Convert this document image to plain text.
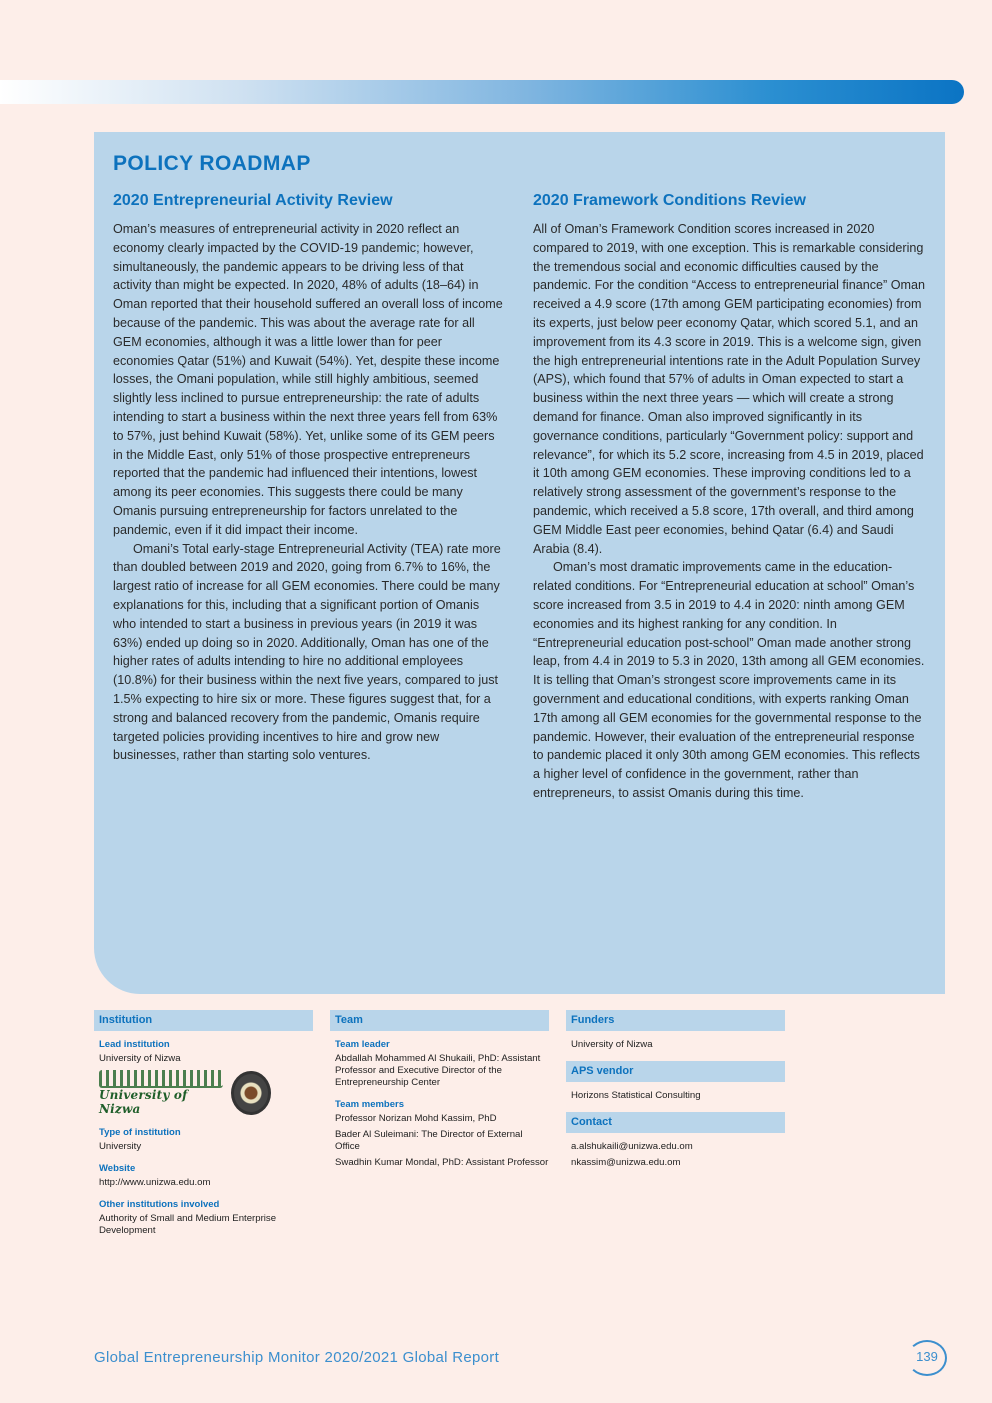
POLICY ROADMAP
2020 Entrepreneurial Activity Review

Oman’s measures of entrepreneurial activity in 2020 reflect an economy clearly impacted by the COVID-19 pandemic; however, simultaneously, the pandemic appears to be driving less of that activity than might be expected. In 2020, 48% of adults (18–64) in Oman reported that their household suffered an overall loss of income because of the pandemic. This was about the average rate for all GEM economies, although it was a little lower than for peer economies Qatar (51%) and Kuwait (54%). Yet, despite these income losses, the Omani population, while still highly ambitious, seemed slightly less inclined to pursue entrepreneurship: the rate of adults intending to start a business within the next three years fell from 63% to 57%, just behind Kuwait (58%). Yet, unlike some of its GEM peers in the Middle East, only 51% of those prospective entrepreneurs reported that the pandemic had influenced their intentions, lowest among its peer economies. This suggests there could be many Omanis pursuing entrepreneurship for factors unrelated to the pandemic, even if it did impact their income.

Omani’s Total early-stage Entrepreneurial Activity (TEA) rate more than doubled between 2019 and 2020, going from 6.7% to 16%, the largest ratio of increase for all GEM economies. There could be many explanations for this, including that a significant portion of Omanis who intended to start a business in previous years (in 2019 it was 63%) ended up doing so in 2020. Additionally, Oman has one of the higher rates of adults intending to hire no additional employees (10.8%) for their business within the next five years, compared to just 1.5% expecting to hire six or more. These figures suggest that, for a strong and balanced recovery from the pandemic, Omanis require targeted policies providing incentives to hire and grow new businesses, rather than starting solo ventures.

2020 Framework Conditions Review

All of Oman’s Framework Condition scores increased in 2020 compared to 2019, with one exception. This is remarkable considering the tremendous social and economic difficulties caused by the pandemic. For the condition “Access to entrepreneurial finance” Oman received a 4.9 score (17th among GEM participating economies) from its experts, just below peer economy Qatar, which scored 5.1, and an improvement from its 4.3 score in 2019. This is a welcome sign, given the high entrepreneurial intentions rate in the Adult Population Survey (APS), which found that 57% of adults in Oman expected to start a business within the next three years — which will create a strong demand for finance. Oman also improved significantly in its governance conditions, particularly “Government policy: support and relevance”, for which its 5.2 score, increasing from 4.5 in 2019, placed it 10th among GEM economies. These improving conditions led to a relatively strong assessment of the government’s response to the pandemic, which received a 5.8 score, 17th overall, and third among GEM Middle East peer economies, behind Qatar (6.4) and Saudi Arabia (8.4).

Oman’s most dramatic improvements came in the education-related conditions. For “Entrepreneurial education at school” Oman’s score increased from 3.5 in 2019 to 4.4 in 2020: ninth among GEM economies and its highest ranking for any condition. In “Entrepreneurial education post-school” Oman made another strong leap, from 4.4 in 2019 to 5.3 in 2020, 13th among all GEM economies. It is telling that Oman’s strongest score improvements came in its government and educational conditions, with experts ranking Oman 17th among all GEM economies for the governmental response to the pandemic. However, their evaluation of the entrepreneurial response to pandemic placed it only 30th among GEM economies. This reflects a higher level of confidence in the government, rather than entrepreneurs, to assist Omanis during this time.

Institution
Lead institution
University of Nizwa
University of Nizwa
Type of institution
University
Website
http://www.unizwa.edu.om
Other institutions involved
Authority of Small and Medium Enterprise Development
Team
Team leader
Abdallah Mohammed Al Shukaili, PhD: Assistant Professor and Executive Director of the Entrepreneurship Center
Team members
Professor Norizan Mohd Kassim, PhD
Bader Al Suleimani: The Director of External Office
Swadhin Kumar Mondal, PhD: Assistant Professor
Funders
University of Nizwa
APS vendor
Horizons Statistical Consulting
Contact
a.alshukaili@unizwa.edu.om
nkassim@unizwa.edu.om
Global Entrepreneurship Monitor 2020/2021 Global Report	139
